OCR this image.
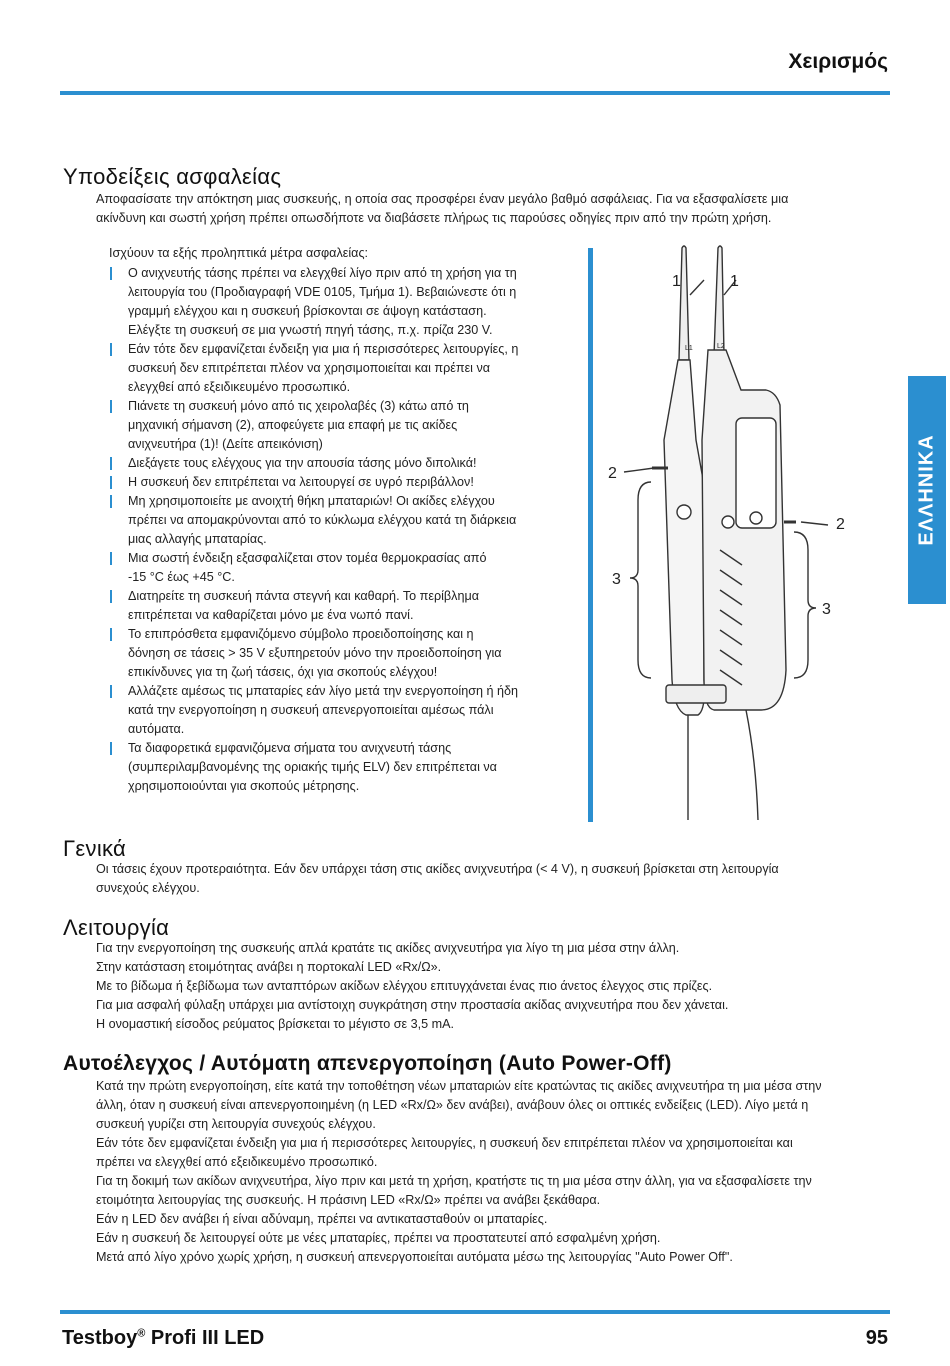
Χειρισμός
ΕΛΛΗΝΙΚΑ
Υποδείξεις ασφαλείας

Αποφασίσατε την απόκτηση μιας συσκευής, η οποία σας προσφέρει έναν μεγάλο βαθμό ασφάλειας. Για να εξασφαλίσετε μια

ακίνδυνη και σωστή χρήση πρέπει οπωσδήποτε να διαβάσετε πλήρως τις παρούσες οδηγίες πριν από την πρώτη χρήση.

Ισχύουν τα εξής προληπτικά μέτρα ασφαλείας:
Ο ανιχνευτής τάσης πρέπει να ελεγχθεί λίγο πριν από τη χρήση για τη
λειτουργία του (Προδιαγραφή VDE 0105, Τμήμα 1). Βεβαιώνεστε ότι η
γραμμή ελέγχου και η συσκευή βρίσκονται σε άψογη κατάσταση.
Ελέγξτε τη συσκευή σε μια γνωστή πηγή τάσης, π.χ. πρίζα 230 V.
Εάν τότε δεν εμφανίζεται ένδειξη για μια ή περισσότερες λειτουργίες, η
συσκευή δεν επιτρέπεται πλέον να χρησιμοποιείται και πρέπει να
ελεγχθεί από εξειδικευμένο προσωπικό.
Πιάνετε τη συσκευή μόνο από τις χειρολαβές (3) κάτω από τη
μηχανική σήμανση (2), αποφεύγετε μια επαφή με τις ακίδες
ανιχνευτήρα (1)! (Δείτε απεικόνιση)
Διεξάγετε τους ελέγχους για την απουσία τάσης μόνο διπολικά!
Η συσκευή δεν επιτρέπεται να λειτουργεί σε υγρό περιβάλλον!
Μη χρησιμοποιείτε με ανοιχτή θήκη μπαταριών! Οι ακίδες ελέγχου
πρέπει να απομακρύνονται από το κύκλωμα ελέγχου κατά τη διάρκεια
μιας αλλαγής μπαταρίας.
Μια σωστή ένδειξη εξασφαλίζεται στον τομέα θερμοκρασίας από
-15 °C έως +45 °C.
Διατηρείτε τη συσκευή πάντα στεγνή και καθαρή. Το περίβλημα
επιτρέπεται να καθαρίζεται μόνο με ένα νωπό πανί.
Το επιπρόσθετα εμφανιζόμενο σύμβολο προειδοποίησης και η
δόνηση σε τάσεις > 35 V εξυπηρετούν μόνο την προειδοποίηση για
επικίνδυνες για τη ζωή τάσεις, όχι για σκοπούς ελέγχου!
Αλλάζετε αμέσως τις μπαταρίες εάν λίγο μετά την ενεργοποίηση ή ήδη
κατά την ενεργοποίηση η συσκευή απενεργοποιείται αμέσως πάλι
αυτόματα.
Τα διαφορετικά εμφανιζόμενα σήματα του ανιχνευτή τάσης
(συμπεριλαμβανομένης της οριακής τιμής ELV) δεν επιτρέπεται να
χρησιμοποιούνται για σκοπούς μέτρησης.
L1	L2
1	1
2
2
3
3
Γενικά

Οι τάσεις έχουν προτεραιότητα. Εάν δεν υπάρχει τάση στις ακίδες ανιχνευτήρα (< 4 V), η συσκευή βρίσκεται στη λειτουργία

συνεχούς ελέγχου.

Λειτουργία

Για την ενεργοποίηση της συσκευής απλά κρατάτε τις ακίδες ανιχνευτήρα για λίγο τη μια μέσα στην άλλη.

Στην κατάσταση ετοιμότητας ανάβει η πορτοκαλί LED «Rx/Ω».

Με το βίδωμα ή ξεβίδωμα των ανταπτόρων ακίδων ελέγχου επιτυγχάνεται ένας πιο άνετος έλεγχος στις πρίζες.

Για μια ασφαλή φύλαξη υπάρχει μια αντίστοιχη συγκράτηση στην προστασία ακίδας ανιχνευτήρα που δεν χάνεται.

Η ονομαστική είσοδος ρεύματος βρίσκεται το μέγιστο σε 3,5 mA.

Αυτοέλεγχος / Αυτόματη απενεργοποίηση (Auto Power-Off)

Κατά την πρώτη ενεργοποίηση, είτε κατά την τοποθέτηση νέων μπαταριών είτε κρατώντας τις ακίδες ανιχνευτήρα τη μια μέσα στην

άλλη, όταν η συσκευή είναι απενεργοποιημένη (η LED «Rx/Ω» δεν ανάβει), ανάβουν όλες οι οπτικές ενδείξεις (LED). Λίγο μετά η

συσκευή γυρίζει στη λειτουργία συνεχούς ελέγχου.

Εάν τότε δεν εμφανίζεται ένδειξη για μια ή περισσότερες λειτουργίες, η συσκευή δεν επιτρέπεται πλέον να χρησιμοποιείται και

πρέπει να ελεγχθεί από εξειδικευμένο προσωπικό.

Για τη δοκιμή των ακίδων ανιχνευτήρα, λίγο πριν και μετά τη χρήση, κρατήστε τις τη μια μέσα στην άλλη, για να εξασφαλίσετε την

ετοιμότητα λειτουργίας της συσκευής. Η πράσινη LED «Rx/Ω» πρέπει να ανάβει ξεκάθαρα.

Εάν η LED δεν ανάβει ή είναι αδύναμη, πρέπει να αντικατασταθούν οι μπαταρίες.

Εάν η συσκευή δε λειτουργεί ούτε με νέες μπαταρίες, πρέπει να προστατευτεί από εσφαλμένη χρήση.

Μετά από λίγο χρόνο χωρίς χρήση, η συσκευή απενεργοποιείται αυτόματα μέσω της λειτουργίας "Auto Power Off".

Testboy® Profi III LED	95
